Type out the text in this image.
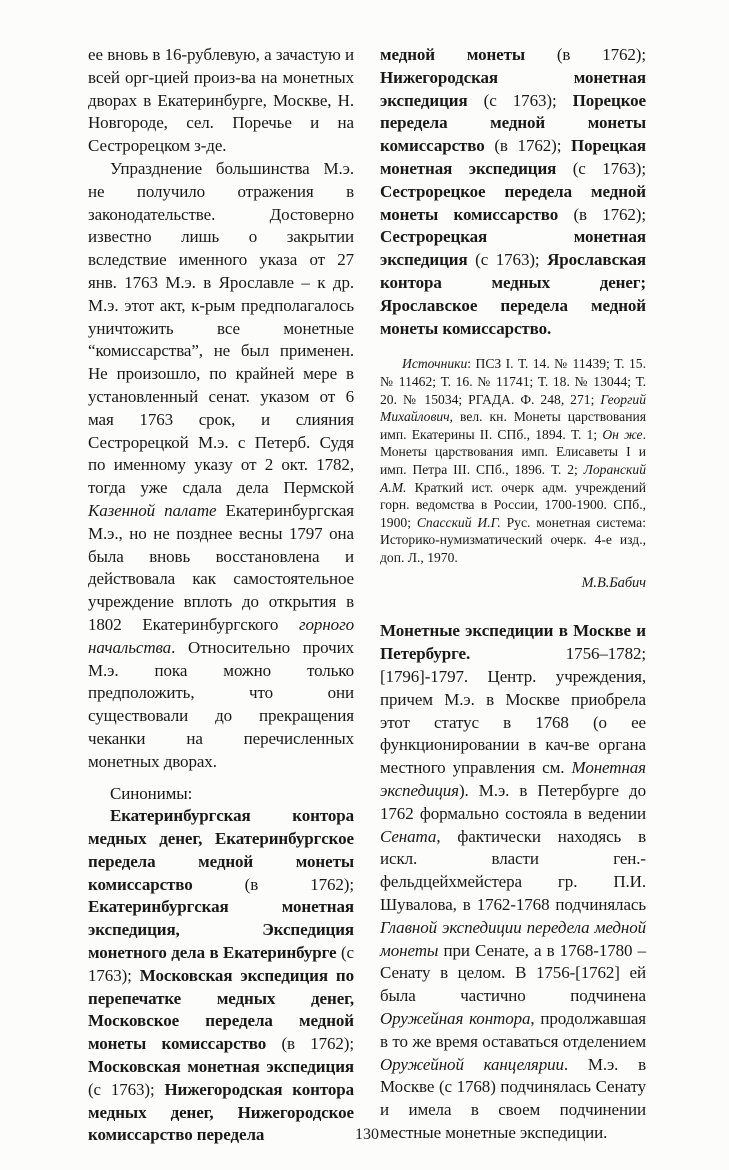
ее вновь в 16-рублевую, а зачастую и всей орг-цией произ-ва на монетных дворах в Екатеринбурге, Москве, Н. Новгороде, сел. Поречье и на Сестрорецком з-де.

Упразднение большинства М.э. не получило отражения в законодательстве. Достоверно известно лишь о закрытии вследствие именного указа от 27 янв. 1763 М.э. в Ярославле – к др. М.э. этот акт, к-рым предполагалось уничтожить все монетные “комиссарства”, не был применен. Не произошло, по крайней мере в установленный сенат. указом от 6 мая 1763 срок, и слияния Сестрорецкой М.э. с Петерб. Судя по именному указу от 2 окт. 1782, тогда уже сдала дела Пермской Казенной палате Екатеринбургская М.э., но не позднее весны 1797 она была вновь восстановлена и действовала как самостоятельное учреждение вплоть до открытия в 1802 Екатеринбургского горного начальства. Относительно прочих М.э. пока можно только предположить, что они существовали до прекращения чеканки на перечисленных монетных дворах.

Синонимы:

Екатеринбургская контора медных денег, Екатеринбургское передела медной монеты комиссарство (в 1762); Екатеринбургская монетная экспедиция, Экспедиция монетного дела в Екатеринбурге (с 1763); Московская экспедиция по перепечатке медных денег, Московское передела медной монеты комиссарство (в 1762); Московская монетная экспедиция (с 1763); Нижегородская контора медных денег, Нижегородское комиссарство передела

медной монеты (в 1762); Нижегородская монетная экспедиция (с 1763); Порецкое передела медной монеты комиссарство (в 1762); Порецкая монетная экспедиция (с 1763); Сестрорецкое передела медной монеты комиссарство (в 1762); Сестрорецкая монетная экспедиция (с 1763); Ярославская контора медных денег; Ярославское передела медной монеты комиссарство.

Источники: ПСЗ I. Т. 14. № 11439; Т. 15. № 11462; Т. 16. № 11741; Т. 18. № 13044; Т. 20. № 15034; РГАДА. Ф. 248, 271; Георгий Михайлович, вел. кн. Монеты царствования имп. Екатерины II. СПб., 1894. Т. 1; Он же. Монеты царствования имп. Елисаветы I и имп. Петра III. СПб., 1896. Т. 2; Лоранский А.М. Краткий ист. очерк адм. учреждений горн. ведомства в России, 1700-1900. СПб., 1900; Спасский И.Г. Рус. монетная система: Историко-нумизматический очерк. 4-е изд., доп. Л., 1970.

М.В.Бабич

Монетные экспедиции в Москве и Петербурге. 1756–1782; [1796]-1797. Центр. учреждения, причем М.э. в Москве приобрела этот статус в 1768 (о ее функционировании в кач-ве органа местного управления см. Монетная экспедиция). М.э. в Петербурге до 1762 формально состояла в ведении Сената, фактически находясь в искл. власти ген.-фельдцейхмейстера гр. П.И. Шувалова, в 1762-1768 подчинялась Главной экспедиции передела медной монеты при Сенате, а в 1768-1780 – Сенату в целом. В 1756-[1762] ей была частично подчинена Оружейная контора, продолжавшая в то же время оставаться отделением Оружейной канцелярии. М.э. в Москве (с 1768) подчинялась Сенату и имела в своем подчинении местные монетные экспедиции.

130
